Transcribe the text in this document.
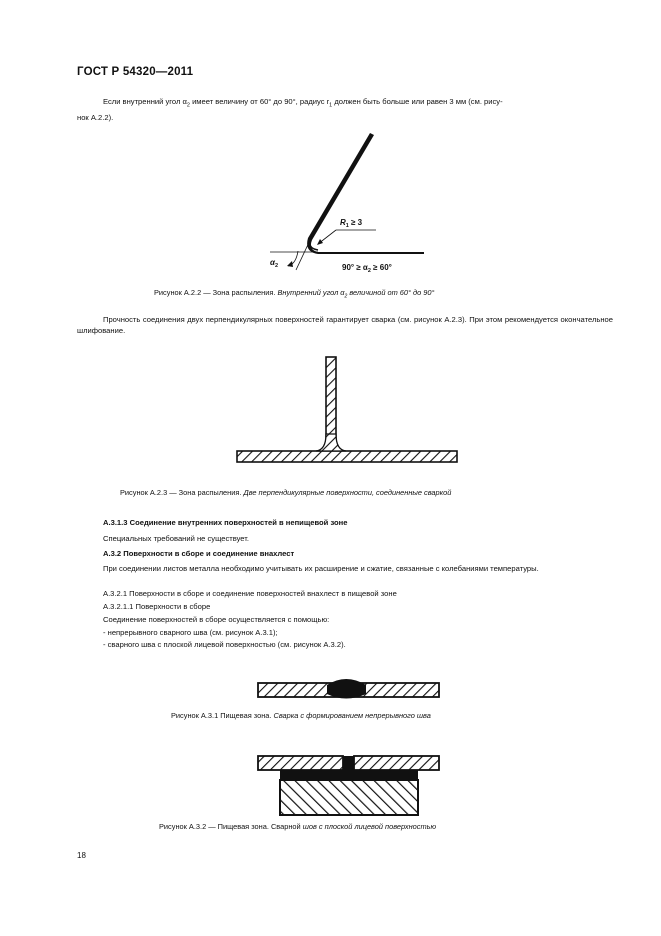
ГОСТ Р 54320—2011
Если внутренний угол $\alpha_2$ имеет величину от 60° до 90°, радиус $r_1$ должен быть больше или равен 3 мм (см. рису-
нок А.2.2).
$R_1 \ge 3$
$\alpha_2$	$90^\circ \ge \alpha_2 \ge 60^\circ$
Рисунок А.2.2 — Зона распыления. Внутренний угол $\alpha_2$ величиной от 60° до 90°
Прочность соединения двух перпендикулярных поверхностей гарантирует сварка (см. рисунок А.2.3). При этом рекомендуется окончательное шлифование.
Рисунок А.2.3 — Зона распыления. Две перпендикулярные поверхности, соединенные сваркой
А.3.1.3 Соединение внутренних поверхностей в непищевой зоне
Специальных требований не существует.
А.3.2 Поверхности в сборе и соединение внахлест
При соединении листов металла необходимо учитывать их расширение и сжатие, связанные с колебаниями температуры.
А.3.2.1 Поверхности в сборе и соединение поверхностей внахлест в пищевой зоне
А.3.2.1.1 Поверхности в сборе
Соединение поверхностей в сборе осуществляется с помощью:
- непрерывного сварного шва (см. рисунок А.3.1);
- сварного шва с плоской лицевой поверхностью (см. рисунок А.3.2).
Рисунок А.3.1 Пищевая зона. Сварка с формированием непрерывного шва
Рисунок А.3.2 — Пищевая зона. Сварной шов с плоской лицевой поверхностью
18
